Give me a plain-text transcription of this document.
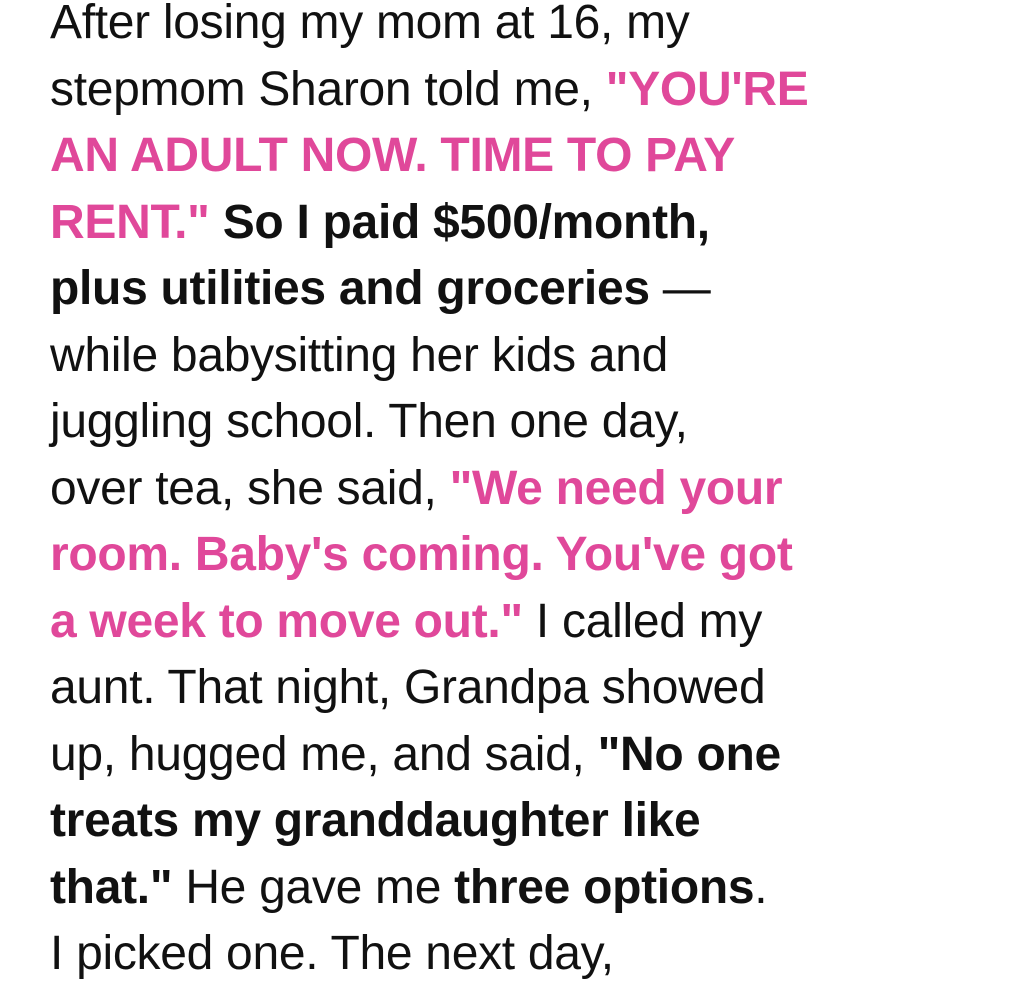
After losing my mom at 16, my

stepmom Sharon told me, "YOU'RE

AN ADULT NOW. TIME TO PAY

RENT." So I paid $500/month,

plus utilities and groceries —

while babysitting her kids and

juggling school. Then one day,

over tea, she said, "We need your

room. Baby's coming. You've got

a week to move out." I called my

aunt. That night, Grandpa showed

up, hugged me, and said, "No one

treats my granddaughter like

that." He gave me three options.

I picked one. The next day,
